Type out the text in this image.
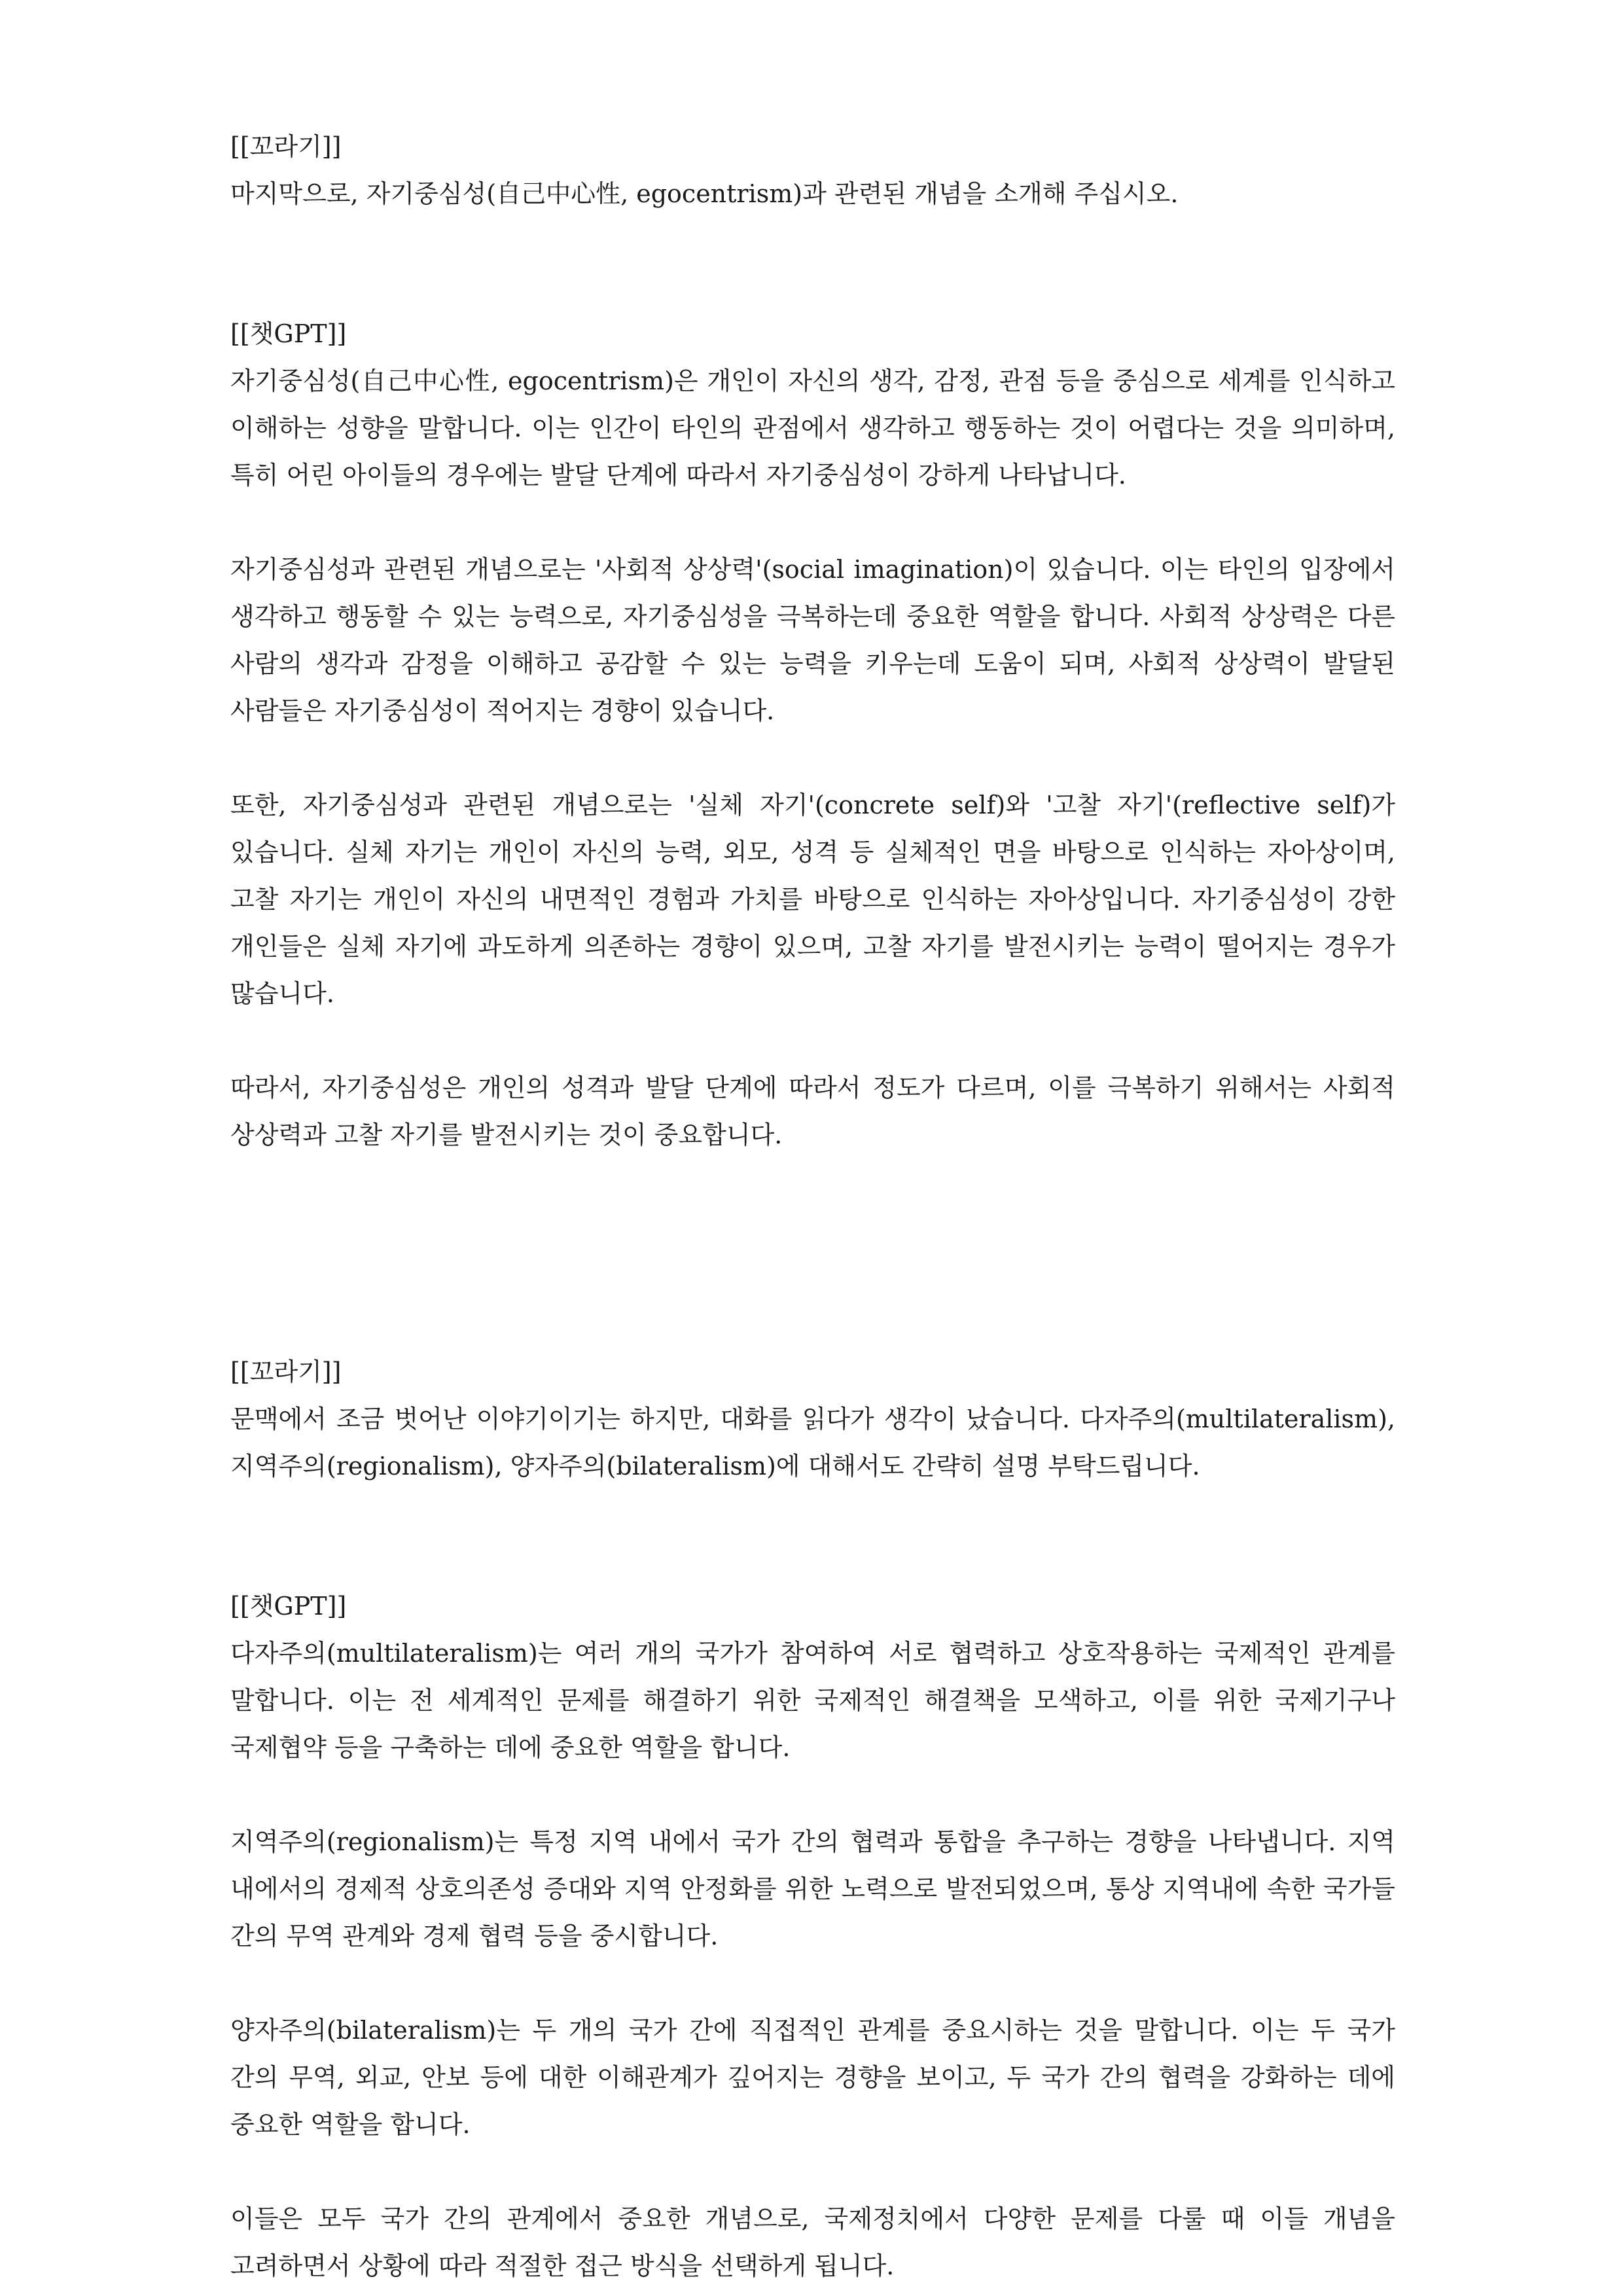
[[꼬라기]]

마지막으로, 자기중심성(自己中心性, egocentrism)과 관련된 개념을 소개해 주십시오.

[[챗GPT]]

자기중심성(自己中心性, egocentrism)은 개인이 자신의 생각, 감정, 관점 등을 중심으로 세계를 인식하고 이해하는 성향을 말합니다. 이는 인간이 타인의 관점에서 생각하고 행동하는 것이 어렵다는 것을 의미하며, 특히 어린 아이들의 경우에는 발달 단계에 따라서 자기중심성이 강하게 나타납니다.

자기중심성과 관련된 개념으로는 '사회적 상상력'(social imagination)이 있습니다. 이는 타인의 입장에서 생각하고 행동할 수 있는 능력으로, 자기중심성을 극복하는데 중요한 역할을 합니다. 사회적 상상력은 다른 사람의 생각과 감정을 이해하고 공감할 수 있는 능력을 키우는데 도움이 되며, 사회적 상상력이 발달된 사람들은 자기중심성이 적어지는 경향이 있습니다.

또한, 자기중심성과 관련된 개념으로는 '실체 자기'(concrete self)와 '고찰 자기'(reflective self)가 있습니다. 실체 자기는 개인이 자신의 능력, 외모, 성격 등 실체적인 면을 바탕으로 인식하는 자아상이며, 고찰 자기는 개인이 자신의 내면적인 경험과 가치를 바탕으로 인식하는 자아상입니다. 자기중심성이 강한 개인들은 실체 자기에 과도하게 의존하는 경향이 있으며, 고찰 자기를 발전시키는 능력이 떨어지는 경우가 많습니다.

따라서, 자기중심성은 개인의 성격과 발달 단계에 따라서 정도가 다르며, 이를 극복하기 위해서는 사회적 상상력과 고찰 자기를 발전시키는 것이 중요합니다.

[[꼬라기]]

문맥에서 조금 벗어난 이야기이기는 하지만, 대화를 읽다가 생각이 났습니다. 다자주의(multilateralism), 지역주의(regionalism), 양자주의(bilateralism)에 대해서도 간략히 설명 부탁드립니다.

[[챗GPT]]

다자주의(multilateralism)는 여러 개의 국가가 참여하여 서로 협력하고 상호작용하는 국제적인 관계를 말합니다. 이는 전 세계적인 문제를 해결하기 위한 국제적인 해결책을 모색하고, 이를 위한 국제기구나 국제협약 등을 구축하는 데에 중요한 역할을 합니다.

지역주의(regionalism)는 특정 지역 내에서 국가 간의 협력과 통합을 추구하는 경향을 나타냅니다. 지역 내에서의 경제적 상호의존성 증대와 지역 안정화를 위한 노력으로 발전되었으며, 통상 지역내에 속한 국가들 간의 무역 관계와 경제 협력 등을 중시합니다.

양자주의(bilateralism)는 두 개의 국가 간에 직접적인 관계를 중요시하는 것을 말합니다. 이는 두 국가 간의 무역, 외교, 안보 등에 대한 이해관계가 깊어지는 경향을 보이고, 두 국가 간의 협력을 강화하는 데에 중요한 역할을 합니다.

이들은 모두 국가 간의 관계에서 중요한 개념으로, 국제정치에서 다양한 문제를 다룰 때 이들 개념을 고려하면서 상황에 따라 적절한 접근 방식을 선택하게 됩니다.
